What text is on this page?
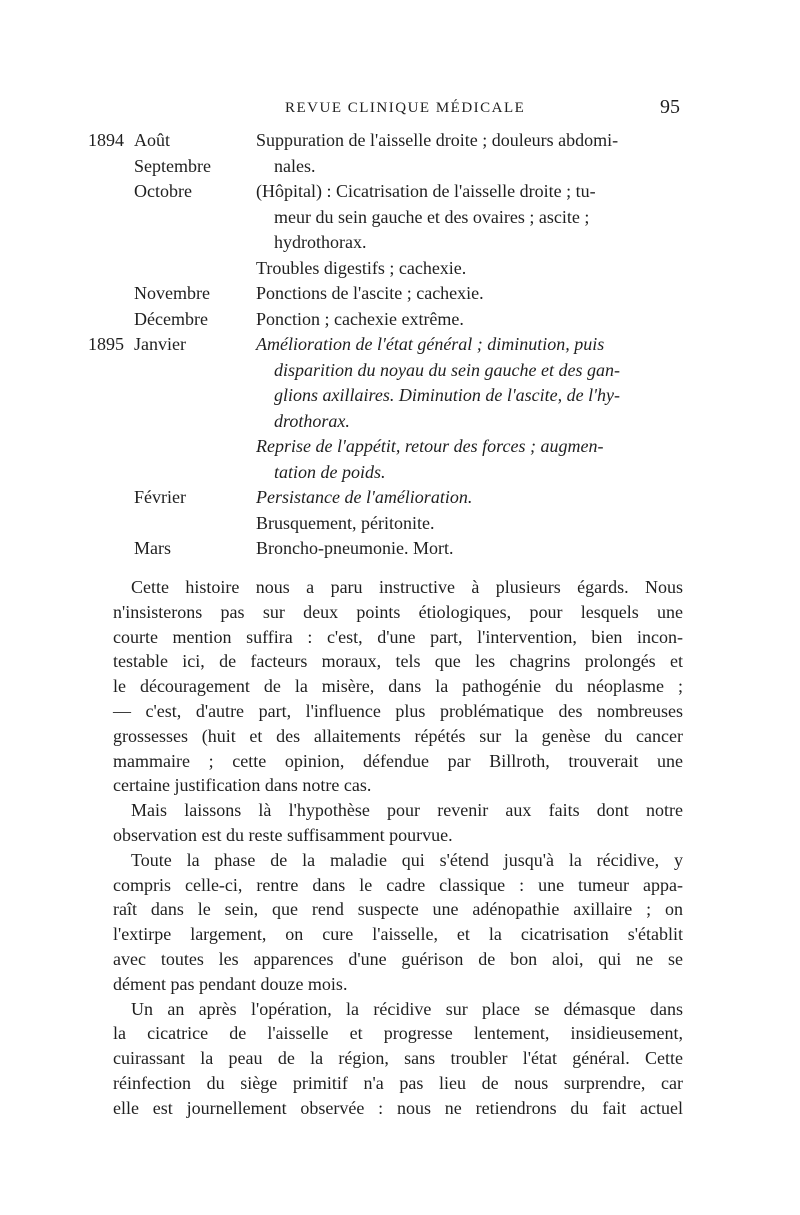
REVUE CLINIQUE MÉDICALE	95
1894 Août
Septembre
Octobre
Novembre
Décembre
Suppuration de l'aisselle droite ; douleurs abdomi-
nales.
(Hôpital) : Cicatrisation de l'aisselle droite ; tu-
meur du sein gauche et des ovaires ; ascite ;
hydrothorax.
Troubles digestifs ; cachexie.
Ponctions de l'ascite ; cachexie.
Ponction ; cachexie extrême.
1895 Janvier
Février
Mars
Amélioration de l'état général ; diminution, puis
disparition du noyau du sein gauche et des gan-
glions axillaires. Diminution de l'ascite, de l'hy-
drothorax.
Reprise de l'appétit, retour des forces ; augmen-
tation de poids.
Persistance de l'amélioration.
Brusquement, péritonite.
Broncho-pneumonie. Mort.
Cette histoire nous a paru instructive à plusieurs égards. Nous
n'insisterons pas sur deux points étiologiques, pour lesquels une
courte mention suffira : c'est, d'une part, l'intervention, bien incon-
testable ici, de facteurs moraux, tels que les chagrins prolongés et
le découragement de la misère, dans la pathogénie du néoplasme ;
— c'est, d'autre part, l'influence plus problématique des nombreuses
grossesses (huit et des allaitements répétés sur la genèse du cancer
mammaire ; cette opinion, défendue par Billroth, trouverait une
certaine justification dans notre cas.
Mais laissons là l'hypothèse pour revenir aux faits dont notre
observation est du reste suffisamment pourvue.
Toute la phase de la maladie qui s'étend jusqu'à la récidive, y
compris celle-ci, rentre dans le cadre classique : une tumeur appa-
raît dans le sein, que rend suspecte une adénopathie axillaire ; on
l'extirpe largement, on cure l'aisselle, et la cicatrisation s'établit
avec toutes les apparences d'une guérison de bon aloi, qui ne se
dément pas pendant douze mois.
Un an après l'opération, la récidive sur place se démasque dans
la cicatrice de l'aisselle et progresse lentement, insidieusement,
cuirassant la peau de la région, sans troubler l'état général. Cette
réinfection du siège primitif n'a pas lieu de nous surprendre, car
elle est journellement observée : nous ne retiendrons du fait actuel
